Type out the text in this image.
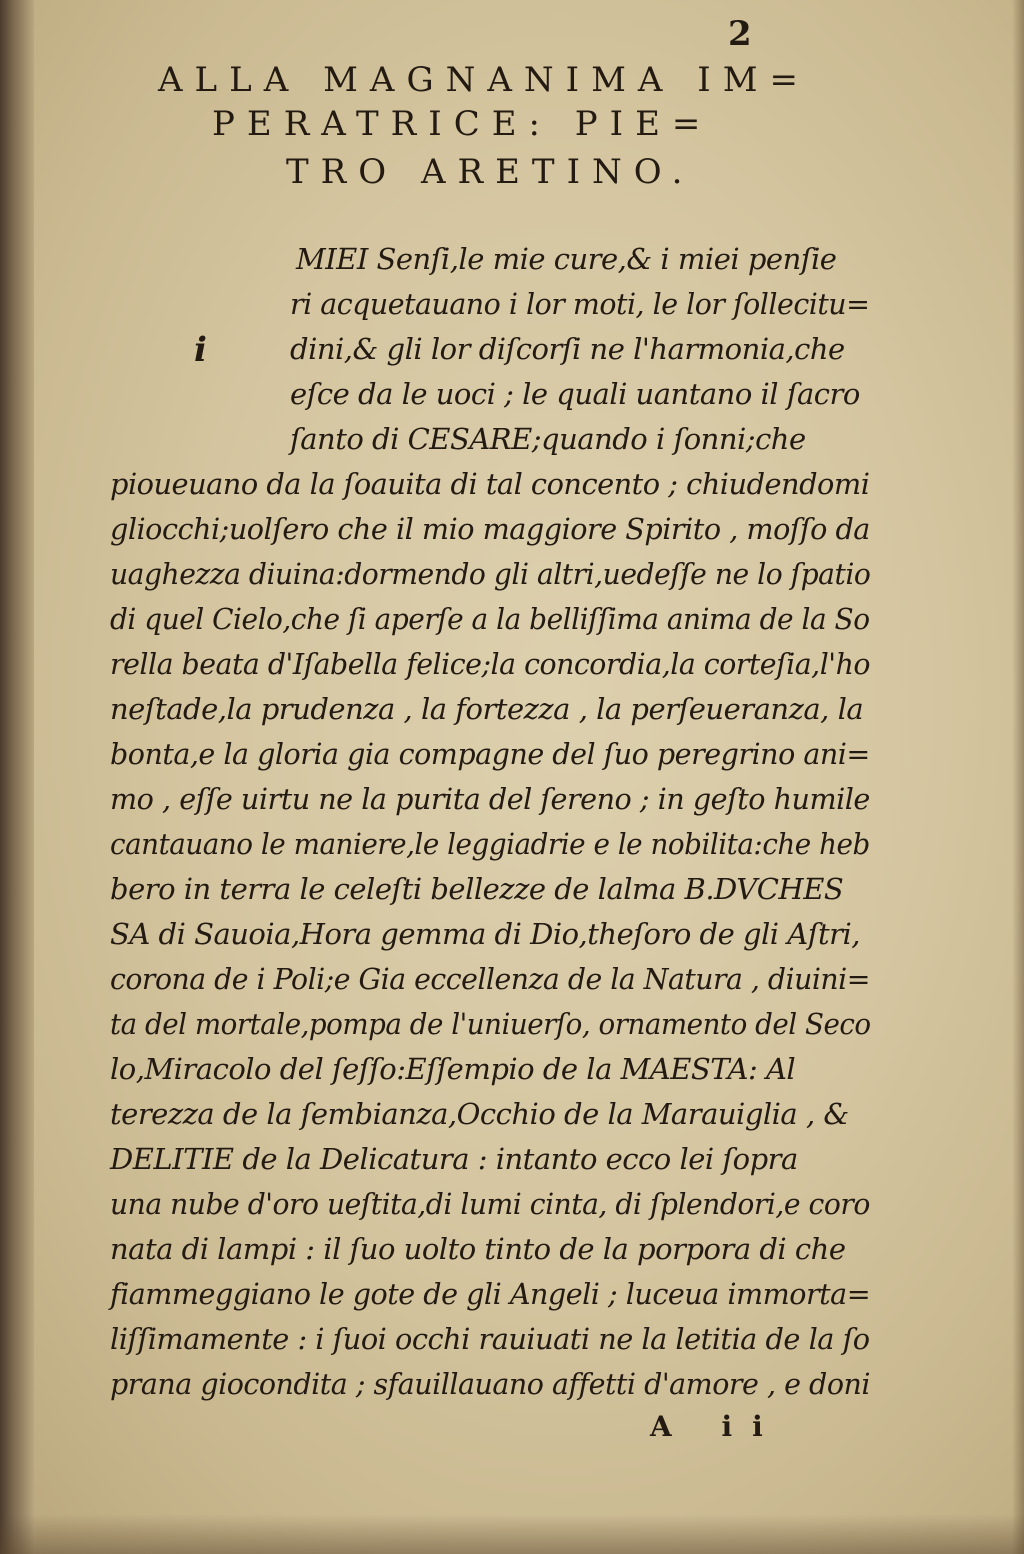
2
ALLA MAGNANIMA IM=
PERATRICE: PIE=
TRO ARETINO.
i
MIEI Senſi,le mie cure,& i miei penſie
ri acquetauano i lor moti, le lor ſollecitu=
dini,& gli lor diſcorſi ne l'harmonia,che
eſce da le uoci ; le quali uantano il ſacro
ſanto di CESARE;quando i ſonni;che
pioueuano da la ſoauita di tal concento ; chiudendomi
gliocchi;uolſero che il mio maggiore Spirito , moſſo da
uaghezza diuina:dormendo gli altri,uedeſſe ne lo ſpatio
di quel Cielo,che ſi aperſe a la belliſſima anima de la So
rella beata d'Iſabella felice;la concordia,la corteſia,l'ho
neſtade,la prudenza , la fortezza , la perſeueranza, la
bonta,e la gloria gia compagne del ſuo peregrino ani=
mo , eſſe uirtu ne la purita del ſereno ; in geſto humile
cantauano le maniere,le leggiadrie e le nobilita:che heb
bero in terra le celeſti bellezze de lalma B.DVCHES
SA di Sauoia,Hora gemma di Dio,theſoro de gli Aſtri,
corona de i Poli;e Gia eccellenza de la Natura , diuini=
ta del mortale,pompa de l'uniuerſo, ornamento del Seco
lo,Miracolo del ſeſſo:Eſſempio de la MAESTA: Al
terezza de la ſembianza,Occhio de la Marauiglia , &
DELITIE de la Delicatura : intanto ecco lei ſopra
una nube d'oro ueſtita,di lumi cinta, di ſplendori,e coro
nata di lampi : il ſuo uolto tinto de la porpora di che
fiammeggiano le gote de gli Angeli ; luceua immorta=
liſſimamente : i ſuoi occhi rauiuati ne la letitia de la ſo
prana giocondita ; sfauillauano affetti d'amore , e doni
A ii
